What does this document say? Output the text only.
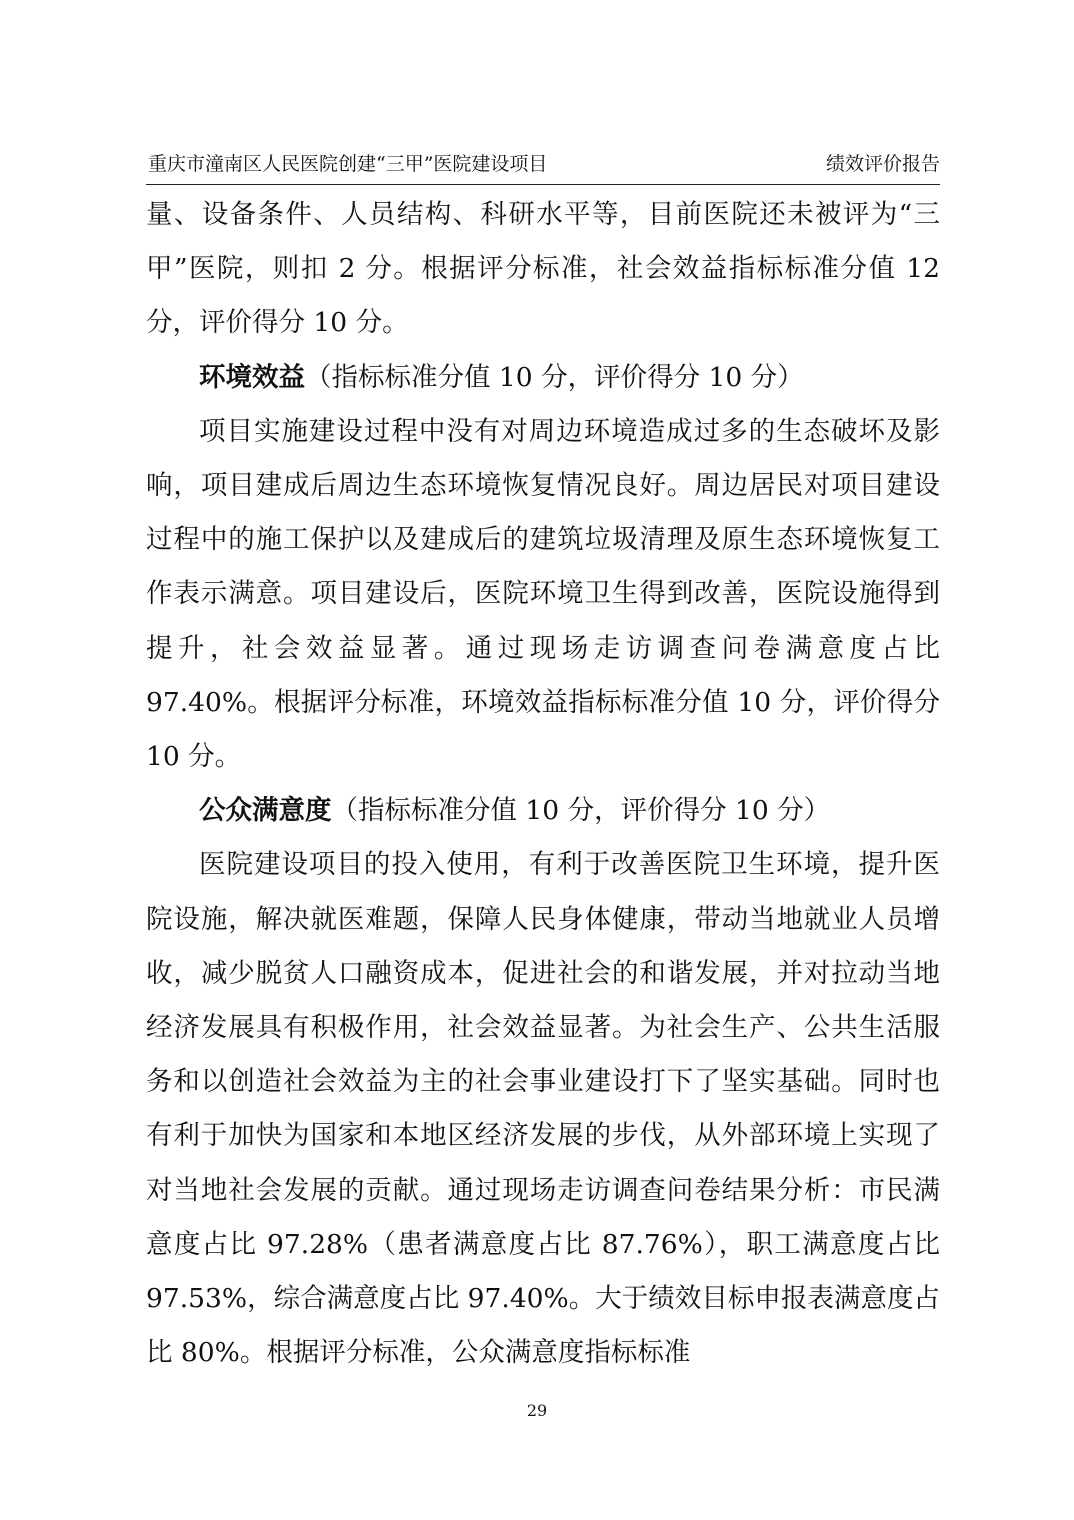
重庆市潼南区人民医院创建“三甲”医院建设项目	绩效评价报告

量、设备条件、人员结构、科研水平等，目前医院还未被评为“三甲”医院，则扣 2 分。根据评分标准，社会效益指标标准分值 12 分，评价得分 10 分。

环境效益（指标标准分值 10 分，评价得分 10 分）

项目实施建设过程中没有对周边环境造成过多的生态破坏及影响，项目建成后周边生态环境恢复情况良好。周边居民对项目建设过程中的施工保护以及建成后的建筑垃圾清理及原生态环境恢复工作表示满意。项目建设后，医院环境卫生得到改善，医院设施得到提升，社会效益显著。通过现场走访调查问卷满意度占比 97.40%。根据评分标准，环境效益指标标准分值 10 分，评价得分 10 分。

公众满意度（指标标准分值 10 分，评价得分 10 分）

医院建设项目的投入使用，有利于改善医院卫生环境，提升医院设施，解决就医难题，保障人民身体健康，带动当地就业人员增收，减少脱贫人口融资成本，促进社会的和谐发展，并对拉动当地经济发展具有积极作用，社会效益显著。为社会生产、公共生活服务和以创造社会效益为主的社会事业建设打下了坚实基础。同时也有利于加快为国家和本地区经济发展的步伐，从外部环境上实现了对当地社会发展的贡献。通过现场走访调查问卷结果分析：市民满意度占比 97.28%（患者满意度占比 87.76%），职工满意度占比 97.53%，综合满意度占比 97.40%。大于绩效目标申报表满意度占比 80%。根据评分标准，公众满意度指标标准

29
